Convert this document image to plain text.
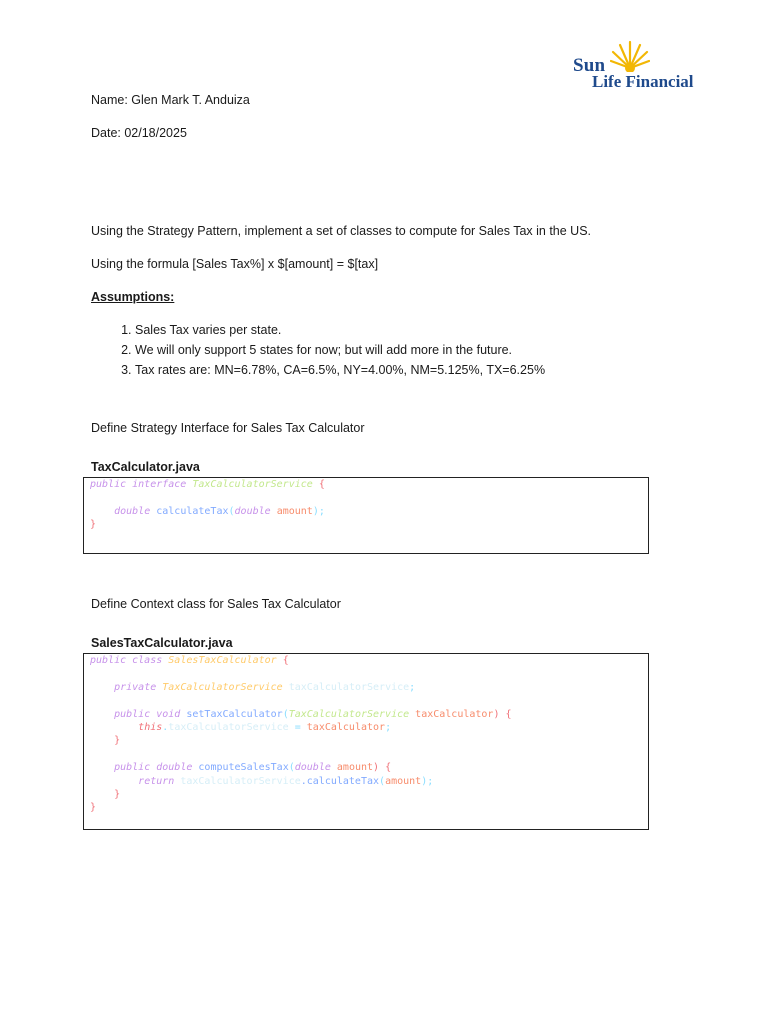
Sun
Life Financial
Name: Glen Mark T. Anduiza
Date: 02/18/2025
Using the Strategy Pattern, implement a set of classes to compute for Sales Tax in the US.
Using the formula [Sales Tax%] x $[amount] = $[tax]
Assumptions:
1. Sales Tax varies per state.
2. We will only support 5 states for now; but will add more in the future.
3. Tax rates are: MN=6.78%, CA=6.5%, NY=4.00%, NM=5.125%, TX=6.25%
Define Strategy Interface for Sales Tax Calculator
TaxCalculator.java
public interface TaxCalculatorService {

double calculateTax(double amount);
}
Define Context class for Sales Tax Calculator
SalesTaxCalculator.java
public class SalesTaxCalculator {

private TaxCalculatorService taxCalculatorService;

public void setTaxCalculator(TaxCalculatorService taxCalculator) {
this.taxCalculatorService = taxCalculator;
}

public double computeSalesTax(double amount) {
return taxCalculatorService.calculateTax(amount);
}
}
